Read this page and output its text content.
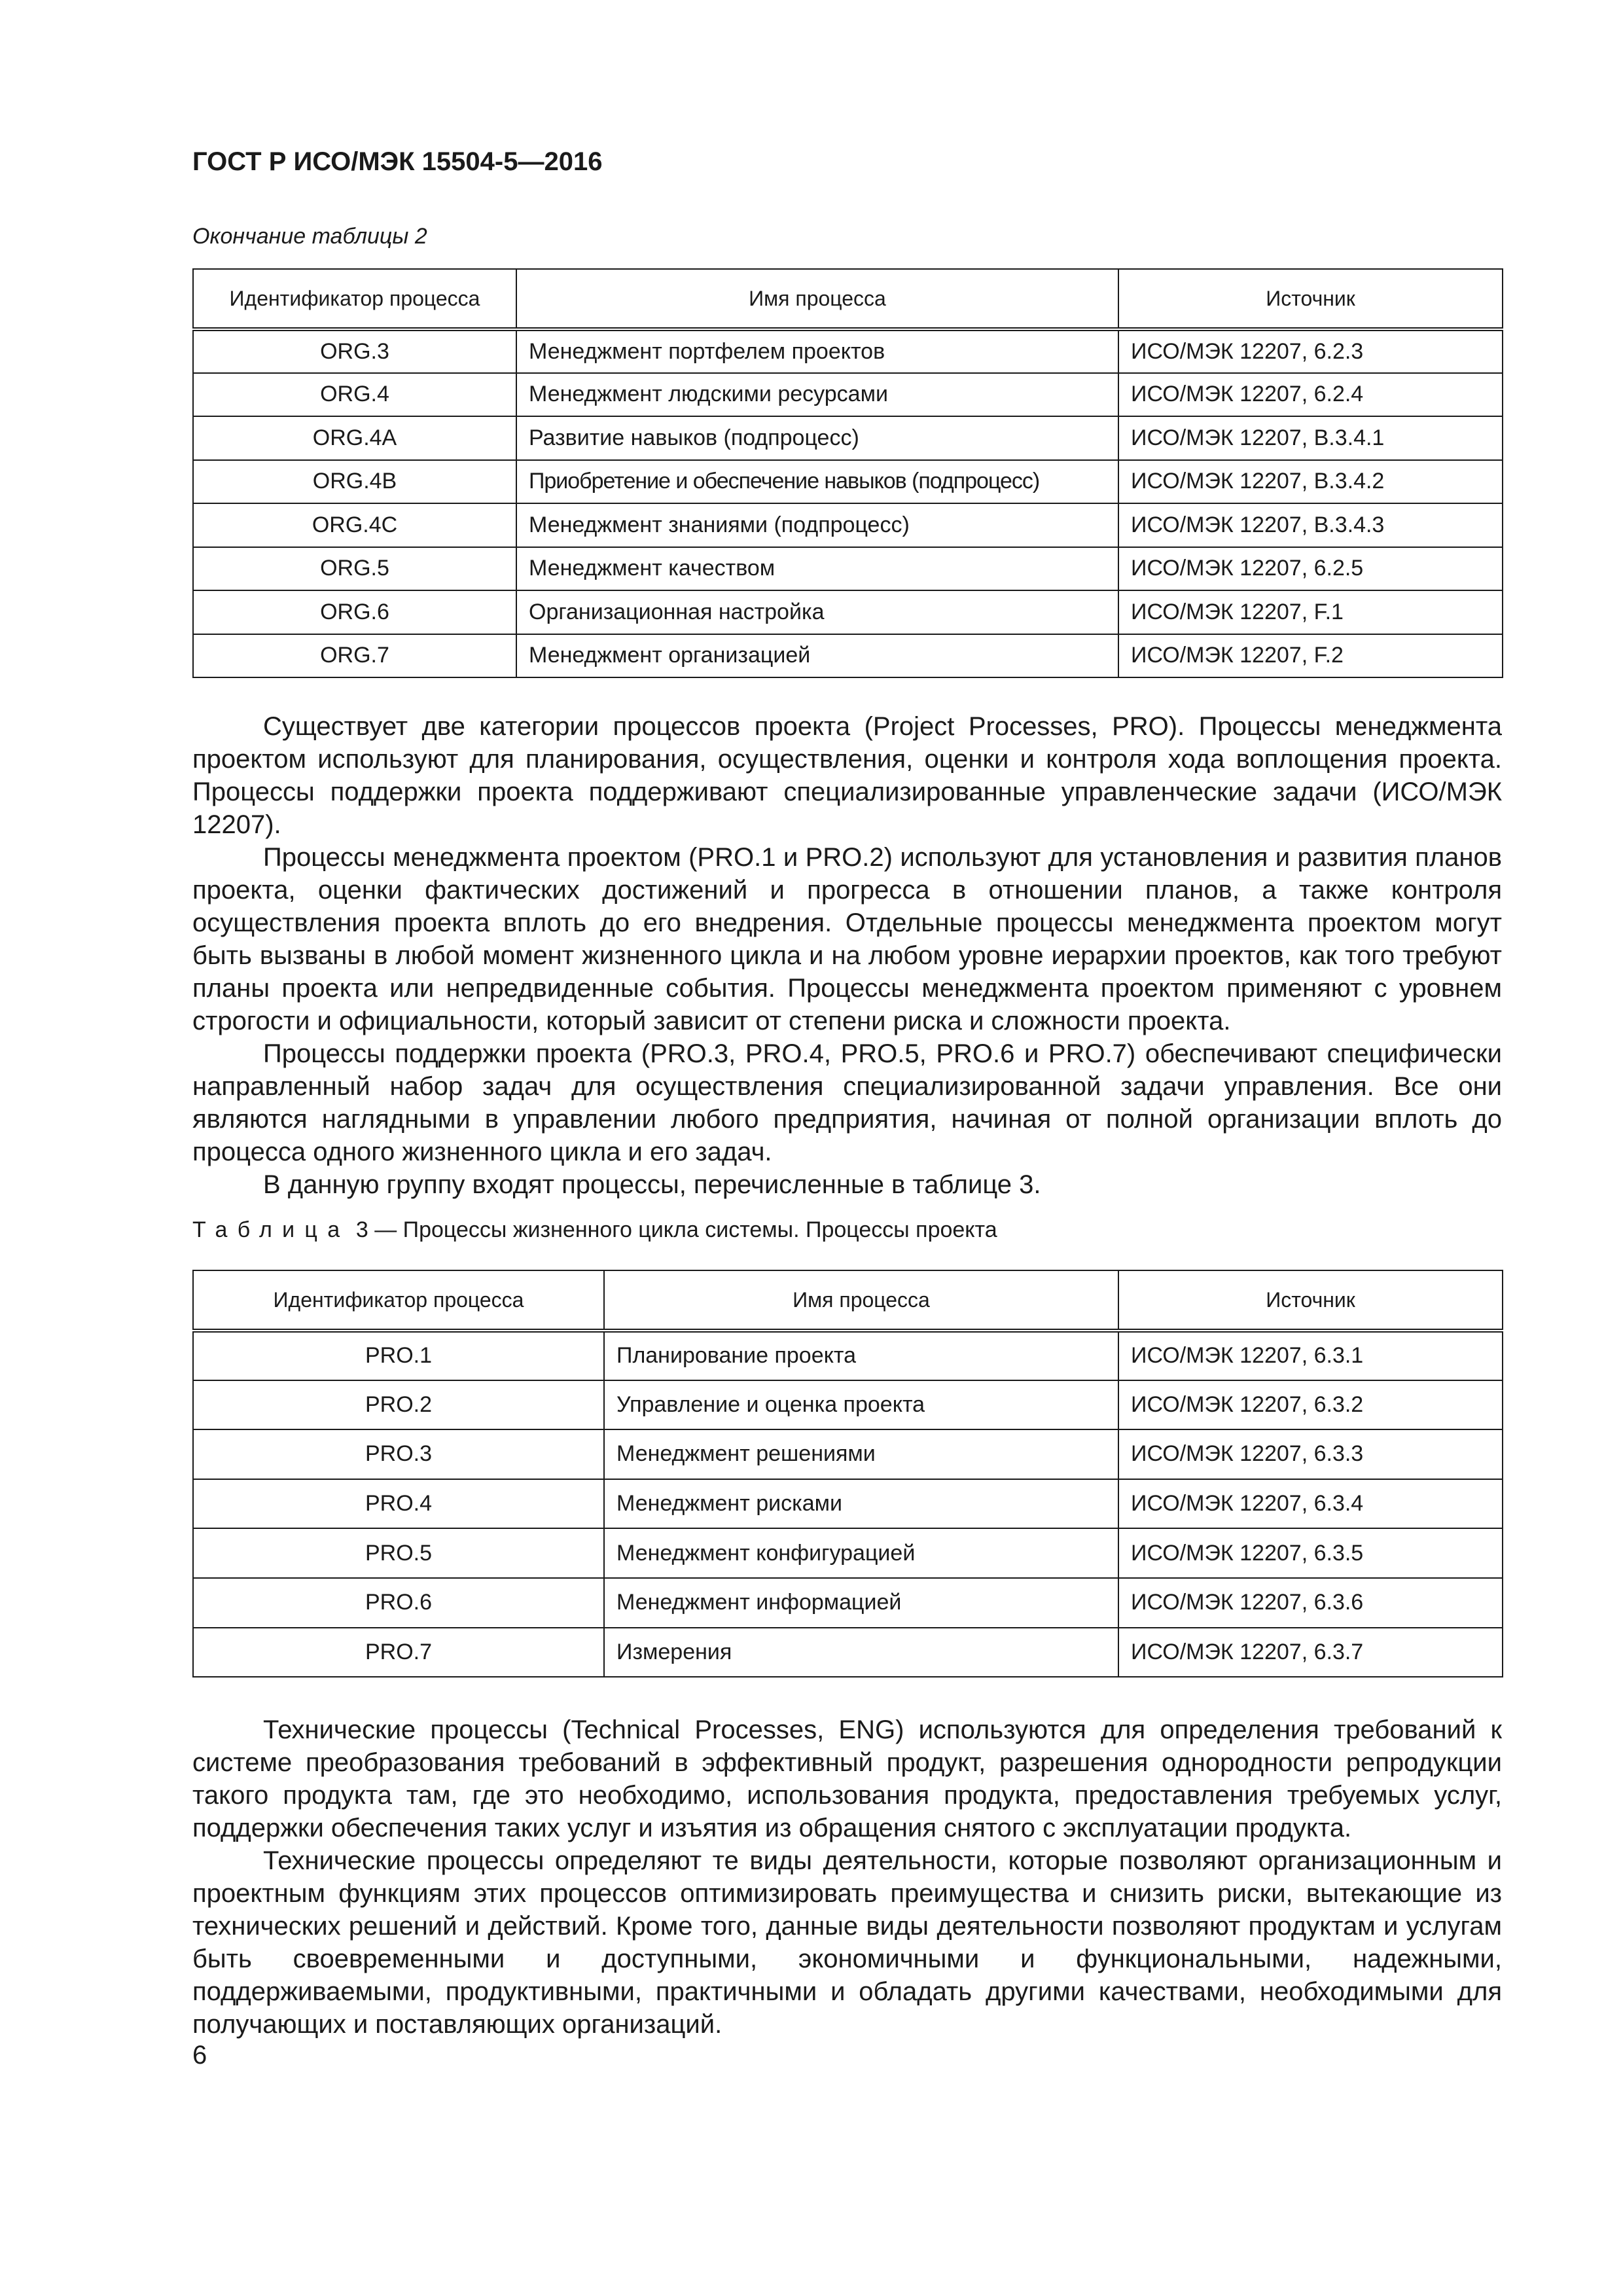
ГОСТ Р ИСО/МЭК 15504-5—2016

Окончание таблицы 2

Идентификатор процесса	Имя процесса	Источник
ORG.3	Менеджмент портфелем проектов	ИСО/МЭК 12207, 6.2.3
ORG.4	Менеджмент людскими ресурсами	ИСО/МЭК 12207, 6.2.4
ORG.4A	Развитие навыков (подпроцесс)	ИСО/МЭК 12207, B.3.4.1
ORG.4B	Приобретение и обеспечение навыков (подпроцесс)	ИСО/МЭК 12207, B.3.4.2
ORG.4C	Менеджмент знаниями (подпроцесс)	ИСО/МЭК 12207, B.3.4.3
ORG.5	Менеджмент качеством	ИСО/МЭК 12207, 6.2.5
ORG.6	Организационная настройка	ИСО/МЭК 12207, F.1
ORG.7	Менеджмент организацией	ИСО/МЭК 12207, F.2

Существует две категории процессов проекта (Project Processes, PRO). Процессы менеджмента проектом используют для планирования, осуществления, оценки и контроля хода воплощения проекта. Процессы поддержки проекта поддерживают специализированные управленческие задачи (ИСО/МЭК 12207).

Процессы менеджмента проектом (PRO.1 и PRO.2) используют для установления и развития планов проекта, оценки фактических достижений и прогресса в отношении планов, а также контроля осуществления проекта вплоть до его внедрения. Отдельные процессы менеджмента проектом могут быть вызваны в любой момент жизненного цикла и на любом уровне иерархии проектов, как того требуют планы проекта или непредвиденные события. Процессы менеджмента проектом применяют с уровнем строгости и официальности, который зависит от степени риска и сложности проекта.

Процессы поддержки проекта (PRO.3, PRO.4, PRO.5, PRO.6 и PRO.7) обеспечивают специфически направленный набор задач для осуществления специализированной задачи управления. Все они являются наглядными в управлении любого предприятия, начиная от полной организации вплоть до процесса одного жизненного цикла и его задач.

В данную группу входят процессы, перечисленные в таблице 3.

Таблица 3 — Процессы жизненного цикла системы. Процессы проекта

Идентификатор процесса	Имя процесса	Источник
PRO.1	Планирование проекта	ИСО/МЭК 12207, 6.3.1
PRO.2	Управление и оценка проекта	ИСО/МЭК 12207, 6.3.2
PRO.3	Менеджмент решениями	ИСО/МЭК 12207, 6.3.3
PRO.4	Менеджмент рисками	ИСО/МЭК 12207, 6.3.4
PRO.5	Менеджмент конфигурацией	ИСО/МЭК 12207, 6.3.5
PRO.6	Менеджмент информацией	ИСО/МЭК 12207, 6.3.6
PRO.7	Измерения	ИСО/МЭК 12207, 6.3.7

Технические процессы (Technical Processes, ENG) используются для определения требований к системе преобразования требований в эффективный продукт, разрешения однородности репродукции такого продукта там, где это необходимо, использования продукта, предоставления требуемых услуг, поддержки обеспечения таких услуг и изъятия из обращения снятого с эксплуатации продукта.

Технические процессы определяют те виды деятельности, которые позволяют организационным и проектным функциям этих процессов оптимизировать преимущества и снизить риски, вытекающие из технических решений и действий. Кроме того, данные виды деятельности позволяют продуктам и услугам быть своевременными и доступными, экономичными и функциональными, надежными, поддерживаемыми, продуктивными, практичными и обладать другими качествами, необходимыми для получающих и поставляющих организаций.

6
